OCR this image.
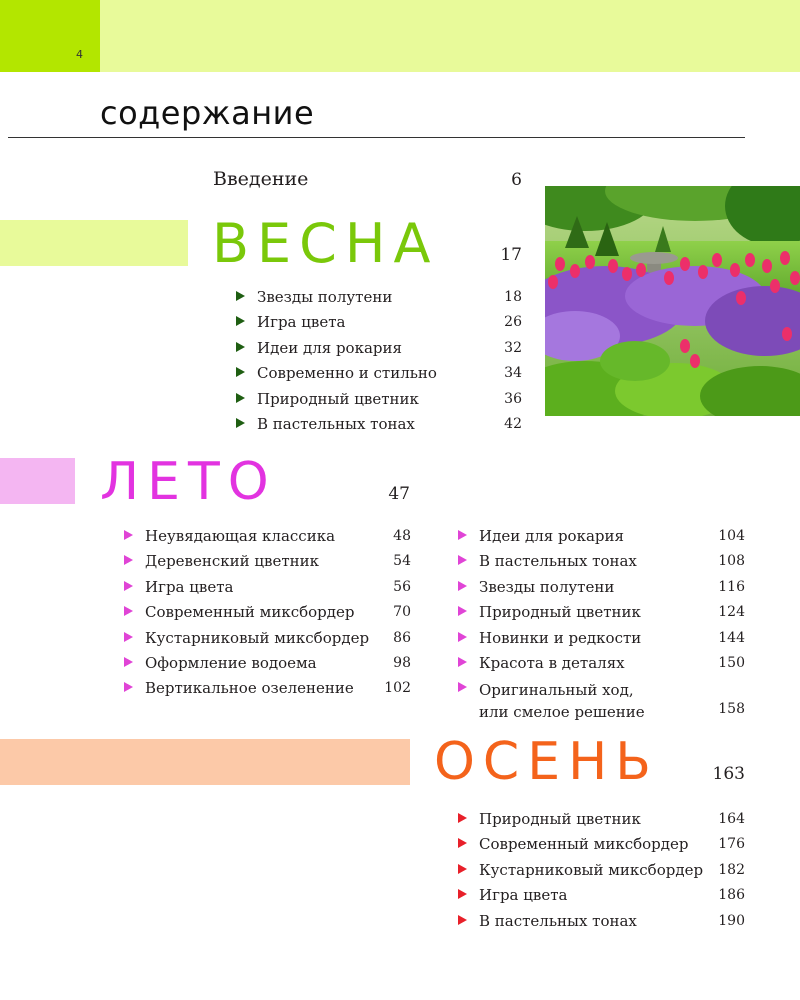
4
содержание
Введение	6
ВЕСНА	17
Звезды полутени	18
Игра цвета	26
Идеи для рокария	32
Современно и стильно	34
Природный цветник	36
В пастельных тонах	42
ЛЕТО	47
Неувядающая классика	48
Деревенский цветник	54
Игра цвета	56
Современный миксбордер	70
Кустарниковый миксбордер 86
Оформление водоема	98
Вертикальное озеленение 102
Идеи для рокария	104
В пастельных тонах	108
Звезды полутени	116
Природный цветник	124
Новинки и редкости	144
Красота в деталях	150
Оригинальный ход,
или смелое решение	158
ОСЕНЬ	163
Природный цветник	164
Современный миксбордер 176
Кустарниковый миксбордер 182
Игра цвета	186
В пастельных тонах	190
